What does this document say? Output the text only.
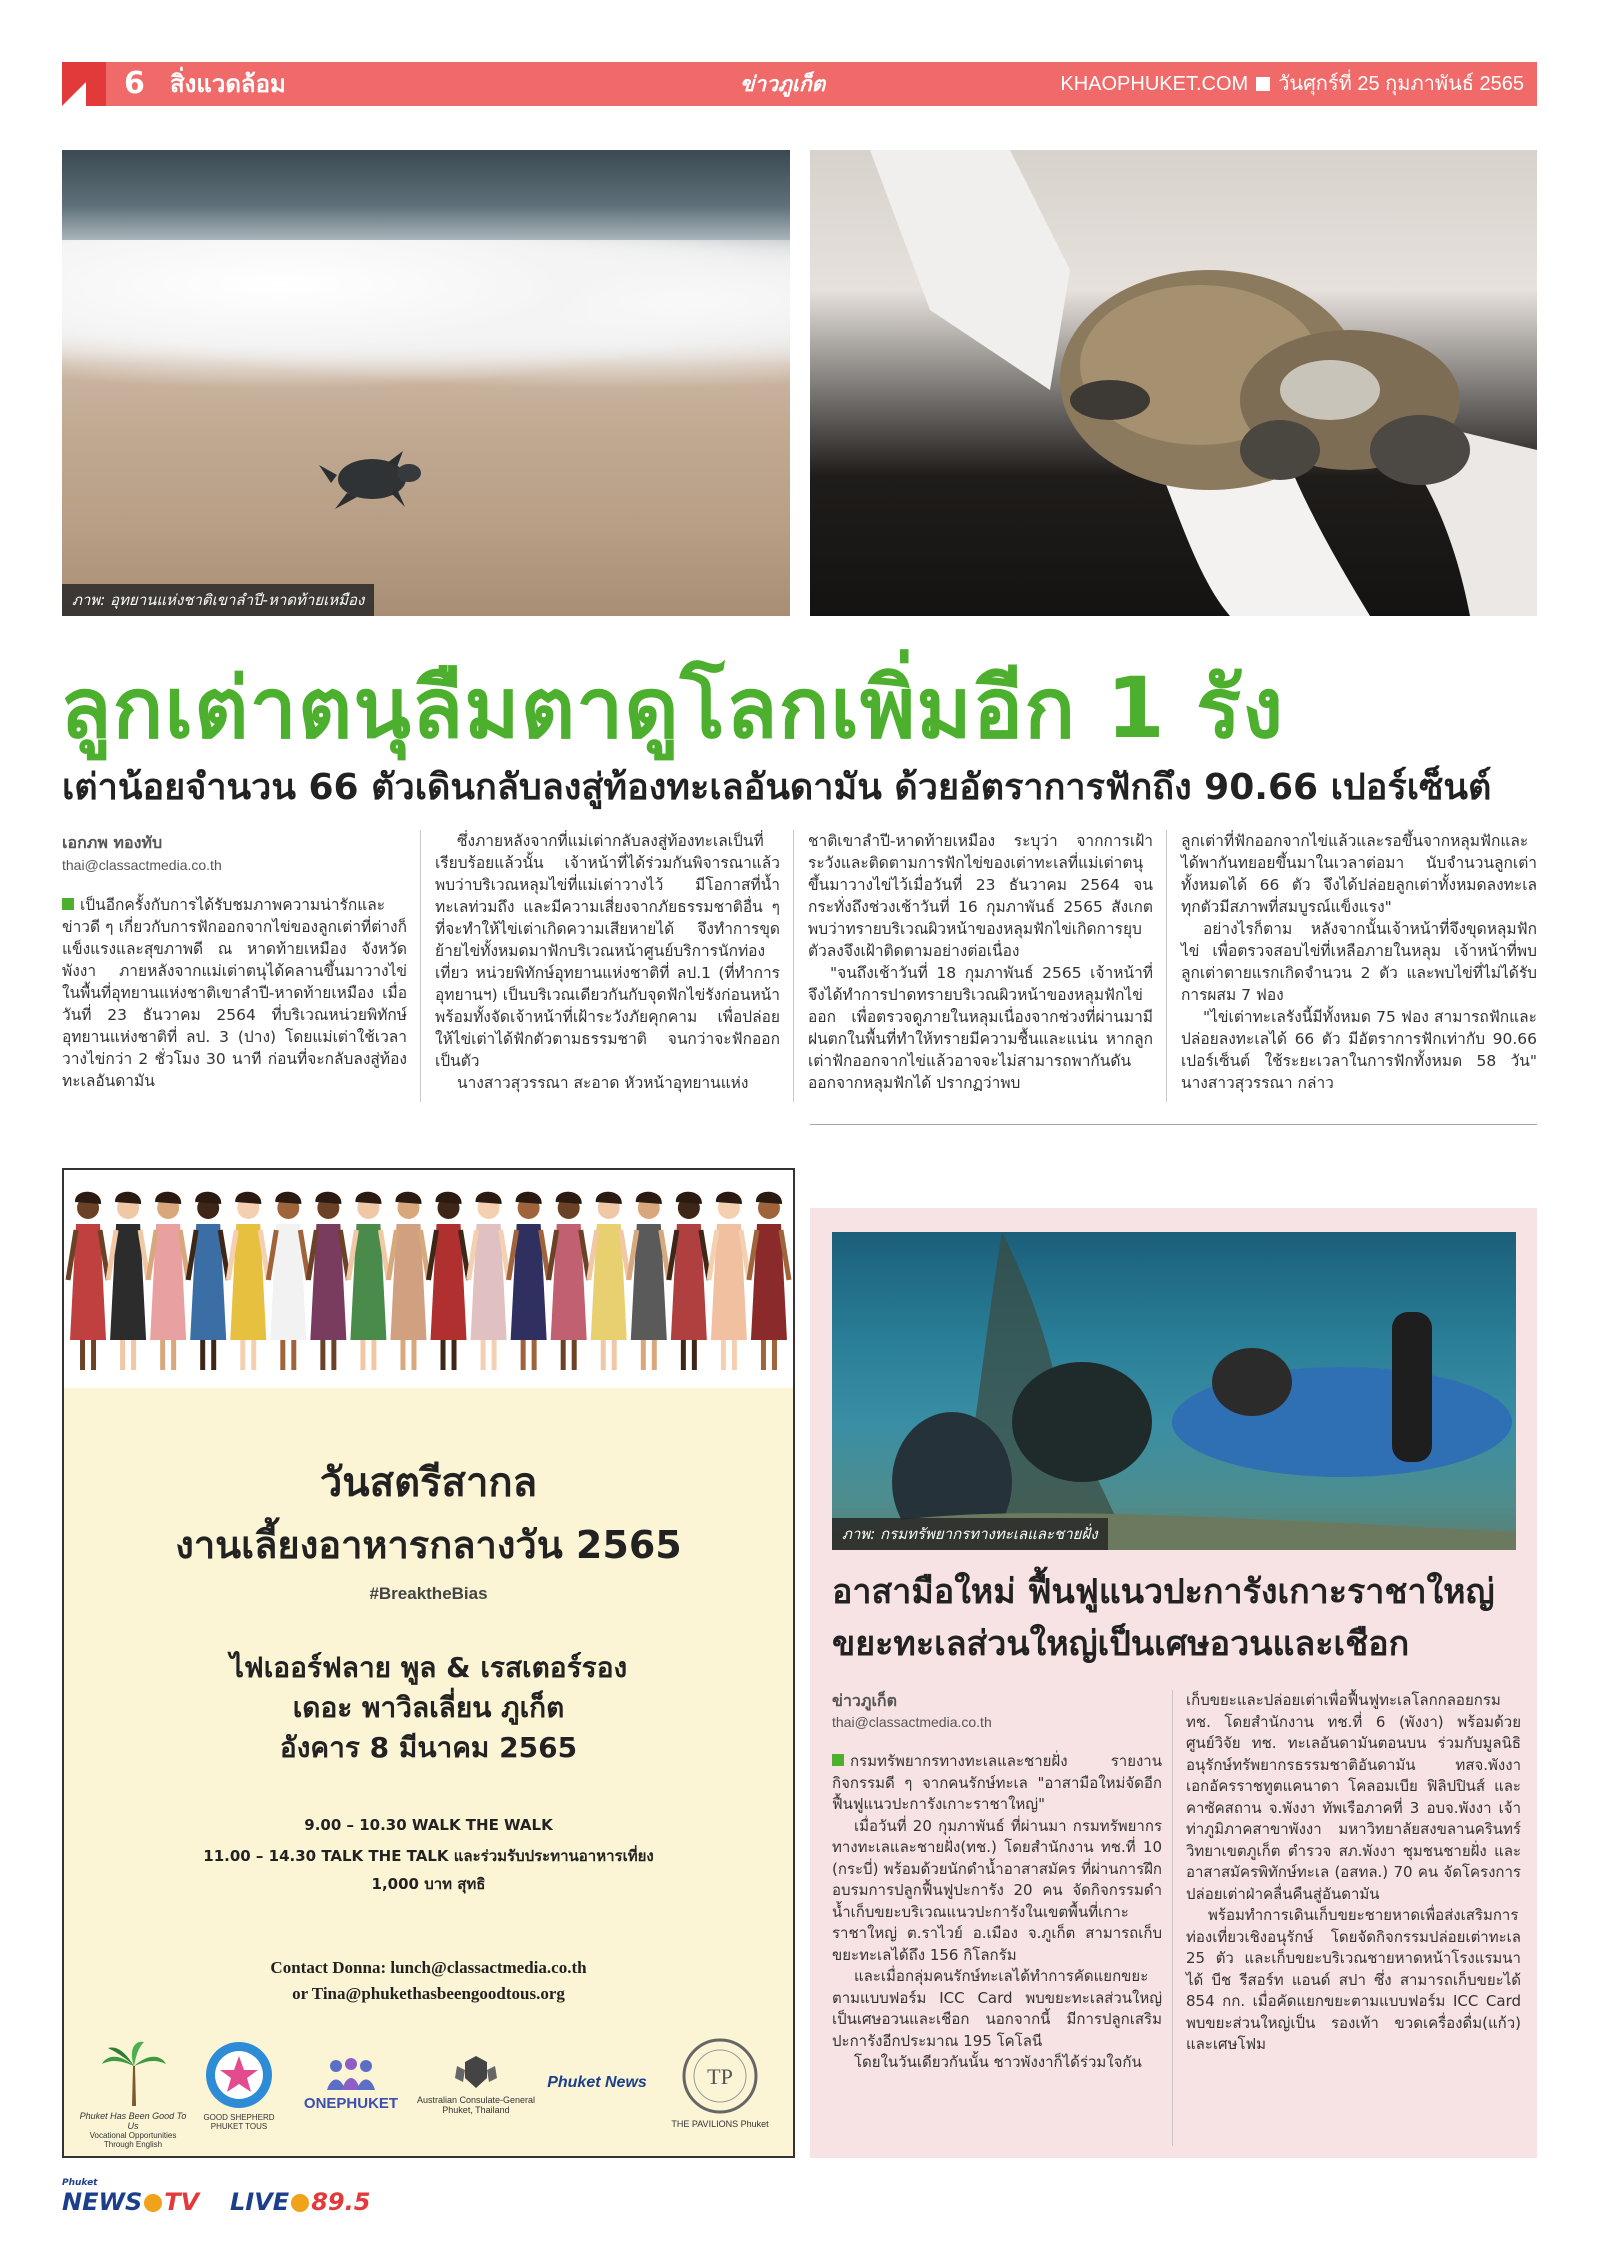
6 สิ่งแวดล้อม	ข่าวภูเก็ต	KHAOPHUKET.COM วันศุกร์ที่ 25 กุมภาพันธ์ 2565
ภาพ: อุทยานแห่งชาติเขาลำปี-หาดท้ายเหมือง
ลูกเต่าตนุลืมตาดูโลกเพิ่มอีก 1 รัง
เต่าน้อยจำนวน 66 ตัวเดินกลับลงสู่ท้องทะเลอันดามัน ด้วยอัตราการฟักถึง 90.66 เปอร์เซ็นต์
เอกภพ ทองทับ
thai@classactmedia.co.th

เป็นอีกครั้งกับการได้รับชมภาพความน่ารักและข่าวดี ๆ เกี่ยวกับการฟักออกจากไข่ของลูกเต่าที่ต่างก็แข็งแรงและสุขภาพดี ณ หาดท้ายเหมือง จังหวัดพังงา ภายหลังจากแม่เต่าตนุได้คลานขึ้นมาวางไข่ในพื้นที่อุทยานแห่งชาติเขาลำปี-หาดท้ายเหมือง เมื่อวันที่ 23 ธันวาคม 2564 ที่บริเวณหน่วยพิทักษ์อุทยานแห่งชาติที่ ลป. 3 (ปาง) โดยแม่เต่าใช้เวลาวางไข่กว่า 2 ชั่วโมง 30 นาที ก่อนที่จะกลับลงสู่ท้องทะเลอันดามัน

ซึ่งภายหลังจากที่แม่เต่ากลับลงสู่ท้องทะเลเป็นที่เรียบร้อยแล้วนั้น เจ้าหน้าที่ได้ร่วมกันพิจารณาแล้วพบว่าบริเวณหลุมไข่ที่แม่เต่าวางไว้ มีโอกาสที่น้ำทะเลท่วมถึง และมีความเสี่ยงจากภัยธรรมชาติอื่น ๆ ที่จะทำให้ไข่เต่าเกิดความเสียหายได้ จึงทำการขุดย้ายไข่ทั้งหมดมาฟักบริเวณหน้าศูนย์บริการนักท่องเที่ยว หน่วยพิทักษ์อุทยานแห่งชาติที่ ลป.1 (ที่ทำการอุทยานฯ) เป็นบริเวณเดียวกันกับจุดฟักไข่รังก่อนหน้า พร้อมทั้งจัดเจ้าหน้าที่เฝ้าระวังภัยคุกคาม เพื่อปล่อยให้ไข่เต่าได้ฟักตัวตามธรรมชาติ จนกว่าจะฟักออกเป็นตัว

นางสาวสุวรรณา สะอาด หัวหน้าอุทยานแห่ง

ชาติเขาลำปี-หาดท้ายเหมือง ระบุว่า จากการเฝ้าระวังและติดตามการฟักไข่ของเต่าทะเลที่แม่เต่าตนุขึ้นมาวางไข่ไว้เมื่อวันที่ 23 ธันวาคม 2564 จนกระทั่งถึงช่วงเช้าวันที่ 16 กุมภาพันธ์ 2565 สังเกตพบว่าทรายบริเวณผิวหน้าของหลุมฟักไข่เกิดการยุบตัวลงจึงเฝ้าติดตามอย่างต่อเนื่อง

"จนถึงเช้าวันที่ 18 กุมภาพันธ์ 2565 เจ้าหน้าที่จึงได้ทำการปาดทรายบริเวณผิวหน้าของหลุมฟักไข่ออก เพื่อตรวจดูภายในหลุมเนื่องจากช่วงที่ผ่านมามีฝนตกในพื้นที่ทำให้ทรายมีความชื้นและแน่น หากลูกเต่าฟักออกจากไข่แล้วอาจจะไม่สามารถพากันดันออกจากหลุมฟักได้ ปรากฏว่าพบ

ลูกเต่าที่ฟักออกจากไข่แล้วและรอขึ้นจากหลุมฟักและได้พากันทยอยขึ้นมาในเวลาต่อมา นับจำนวนลูกเต่าทั้งหมดได้ 66 ตัว จึงได้ปล่อยลูกเต่าทั้งหมดลงทะเล ทุกตัวมีสภาพที่สมบูรณ์แข็งแรง"

อย่างไรก็ตาม หลังจากนั้นเจ้าหน้าที่จึงขุดหลุมฟักไข่ เพื่อตรวจสอบไข่ที่เหลือภายในหลุม เจ้าหน้าที่พบลูกเต่าตายแรกเกิดจำนวน 2 ตัว และพบไข่ที่ไม่ได้รับการผสม 7 ฟอง

"ไข่เต่าทะเลรังนี้มีทั้งหมด 75 ฟอง สามารถฟักและปล่อยลงทะเลได้ 66 ตัว มีอัตราการฟักเท่ากับ 90.66 เปอร์เซ็นต์ ใช้ระยะเวลาในการฟักทั้งหมด 58 วัน" นางสาวสุวรรณา กล่าว

วันสตรีสากล
งานเลี้ยงอาหารกลางวัน 2565
#BreaktheBias
ไฟเออร์ฟลาย พูล & เรสเตอร์รอง
เดอะ พาวิลเลี่ยน ภูเก็ต
อังคาร 8 มีนาคม 2565
9.00 – 10.30 WALK THE WALK
11.00 – 14.30 TALK THE TALK และร่วมรับประทานอาหารเที่ยง
1,000 บาท สุทธิ
Contact Donna: lunch@classactmedia.co.th
or Tina@phukethasbeengoodtous.org
Phuket Has Been Good To Us
Vocational Opportunities Through English
GOOD SHEPHERD PHUKET TOUS
ONEPHUKET	Australian Consulate-General Phuket, Thailand
Phuket News	TP
THE PAVILIONS Phuket
ภาพ: กรมทรัพยากรทางทะเลและชายฝั่ง
อาสามือใหม่ ฟื้นฟูแนวปะการังเกาะราชาใหญ่ ขยะทะเลส่วนใหญ่เป็นเศษอวนและเชือก
ข่าวภูเก็ต
thai@classactmedia.co.th

กรมทรัพยากรทางทะเลและชายฝั่ง รายงานกิจกรรมดี ๆ จากคนรักษ์ทะเล "อาสามือใหม่จัดอีก ฟื้นฟูแนวปะการังเกาะราชาใหญ่"

เมื่อวันที่ 20 กุมภาพันธ์ ที่ผ่านมา กรมทรัพยากรทางทะเลและชายฝั่ง(ทช.) โดยสำนักงาน ทช.ที่ 10 (กระบี่) พร้อมด้วยนักดำน้ำอาสาสมัคร ที่ผ่านการฝึกอบรมการปลูกฟื้นฟูปะการัง 20 คน จัดกิจกรรมดำน้ำเก็บขยะบริเวณแนวปะการังในเขตพื้นที่เกาะราชาใหญ่ ต.ราไวย์ อ.เมือง จ.ภูเก็ต สามารถเก็บขยะทะเลได้ถึง 156 กิโลกรัม

และเมื่อกลุ่มคนรักษ์ทะเลได้ทำการคัดแยกขยะตามแบบฟอร์ม ICC Card พบขยะทะเลส่วนใหญ่เป็นเศษอวนและเชือก นอกจากนี้ มีการปลูกเสริมปะการังอีกประมาณ 195 โคโลนี

โดยในวันเดียวกันนั้น ชาวพังงาก็ได้ร่วมใจกัน

เก็บขยะและปล่อยเต่าเพื่อฟื้นฟูทะเลโลกกลอยกรม ทช. โดยสำนักงาน ทช.ที่ 6 (พังงา) พร้อมด้วยศูนย์วิจัย ทช. ทะเลอันดามันตอนบน ร่วมกับมูลนิธิอนุรักษ์ทรัพยากรธรรมชาติอันดามัน ทสจ.พังงา เอกอัครราชทูตแคนาดา โคลอมเบีย ฟิลิปปินส์ และคาซัคสถาน จ.พังงา ทัพเรือภาคที่ 3 อบจ.พังงา เจ้าท่าภูมิภาคสาขาพังงา มหาวิทยาลัยสงขลานครินทร์ วิทยาเขตภูเก็ต ตำรวจ สภ.พังงา ชุมชนชายฝั่ง และอาสาสมัครพิทักษ์ทะเล (อสทล.) 70 คน จัดโครงการปล่อยเต่าฝ่าคลื่นคืนสู่อันดามัน

พร้อมทำการเดินเก็บขยะชายหาดเพื่อส่งเสริมการท่องเที่ยวเชิงอนุรักษ์ โดยจัดกิจกรรมปล่อยเต่าทะเล 25 ตัว และเก็บขยะบริเวณชายหาดหน้าโรงแรมนาได้ บีช รีสอร์ท แอนด์ สปา ซึ่ง สามารถเก็บขยะได้ 854 กก. เมื่อคัดแยกขยะตามแบบฟอร์ม ICC Card พบขยะส่วนใหญ่เป็น รองเท้า ขวดเครื่องดื่ม(แก้ว) และเศษโฟม

Phuket
NEWS TV LIVE 89.5
